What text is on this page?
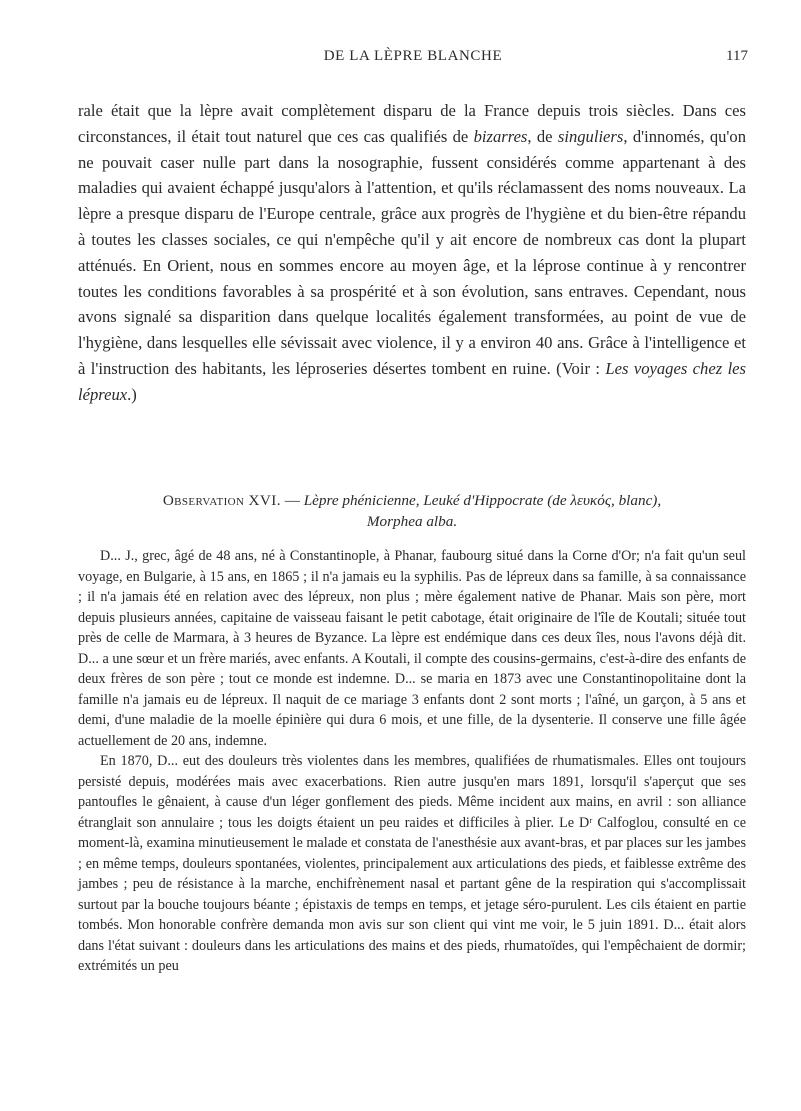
DE LA LÈPRE BLANCHE	117

rale était que la lèpre avait complètement disparu de la France depuis trois siècles. Dans ces circonstances, il était tout naturel que ces cas qualifiés de bizarres, de singuliers, d'innomés, qu'on ne pouvait caser nulle part dans la nosographie, fussent considérés comme appartenant à des maladies qui avaient échappé jusqu'alors à l'attention, et qu'ils réclamassent des noms nouveaux. La lèpre a presque disparu de l'Europe centrale, grâce aux progrès de l'hygiène et du bien-être répandu à toutes les classes sociales, ce qui n'empêche qu'il y ait encore de nombreux cas dont la plupart atténués. En Orient, nous en sommes encore au moyen âge, et la léprose continue à y rencontrer toutes les conditions favorables à sa prospérité et à son évolution, sans entraves. Cependant, nous avons signalé sa disparition dans quelque localités également transformées, au point de vue de l'hygiène, dans lesquelles elle sévissait avec violence, il y a environ 40 ans. Grâce à l'intelligence et à l'instruction des habitants, les léproseries désertes tombent en ruine. (Voir : Les voyages chez les lépreux.)

Observation XVI. — Lèpre phénicienne, Leuké d'Hippocrate (de λευκός, blanc),
Morphea alba.

D... J., grec, âgé de 48 ans, né à Constantinople, à Phanar, faubourg situé dans la Corne d'Or; n'a fait qu'un seul voyage, en Bulgarie, à 15 ans, en 1865 ; il n'a jamais eu la syphilis. Pas de lépreux dans sa famille, à sa connaissance ; il n'a jamais été en relation avec des lépreux, non plus ; mère également native de Phanar. Mais son père, mort depuis plusieurs années, capitaine de vaisseau faisant le petit cabotage, était originaire de l'île de Koutali; située tout près de celle de Marmara, à 3 heures de Byzance. La lèpre est endémique dans ces deux îles, nous l'avons déjà dit. D... a une sœur et un frère mariés, avec enfants. A Koutali, il compte des cousins-germains, c'est-à-dire des enfants de deux frères de son père ; tout ce monde est indemne. D... se maria en 1873 avec une Constantinopolitaine dont la famille n'a jamais eu de lépreux. Il naquit de ce mariage 3 enfants dont 2 sont morts ; l'aîné, un garçon, à 5 ans et demi, d'une maladie de la moelle épinière qui dura 6 mois, et une fille, de la dysenterie. Il conserve une fille âgée actuellement de 20 ans, indemne.

En 1870, D... eut des douleurs très violentes dans les membres, qualifiées de rhumatismales. Elles ont toujours persisté depuis, modérées mais avec exacerbations. Rien autre jusqu'en mars 1891, lorsqu'il s'aperçut que ses pantoufles le gênaient, à cause d'un léger gonflement des pieds. Même incident aux mains, en avril : son alliance étranglait son annulaire ; tous les doigts étaient un peu raides et difficiles à plier. Le Dʳ Calfoglou, consulté en ce moment-là, examina minutieusement le malade et constata de l'anesthésie aux avant-bras, et par places sur les jambes ; en même temps, douleurs spontanées, violentes, principalement aux articulations des pieds, et faiblesse extrême des jambes ; peu de résistance à la marche, enchifrènement nasal et partant gêne de la respiration qui s'accomplissait surtout par la bouche toujours béante ; épistaxis de temps en temps, et jetage séro-purulent. Les cils étaient en partie tombés. Mon honorable confrère demanda mon avis sur son client qui vint me voir, le 5 juin 1891. D... était alors dans l'état suivant : douleurs dans les articulations des mains et des pieds, rhumatoïdes, qui l'empêchaient de dormir; extrémités un peu
